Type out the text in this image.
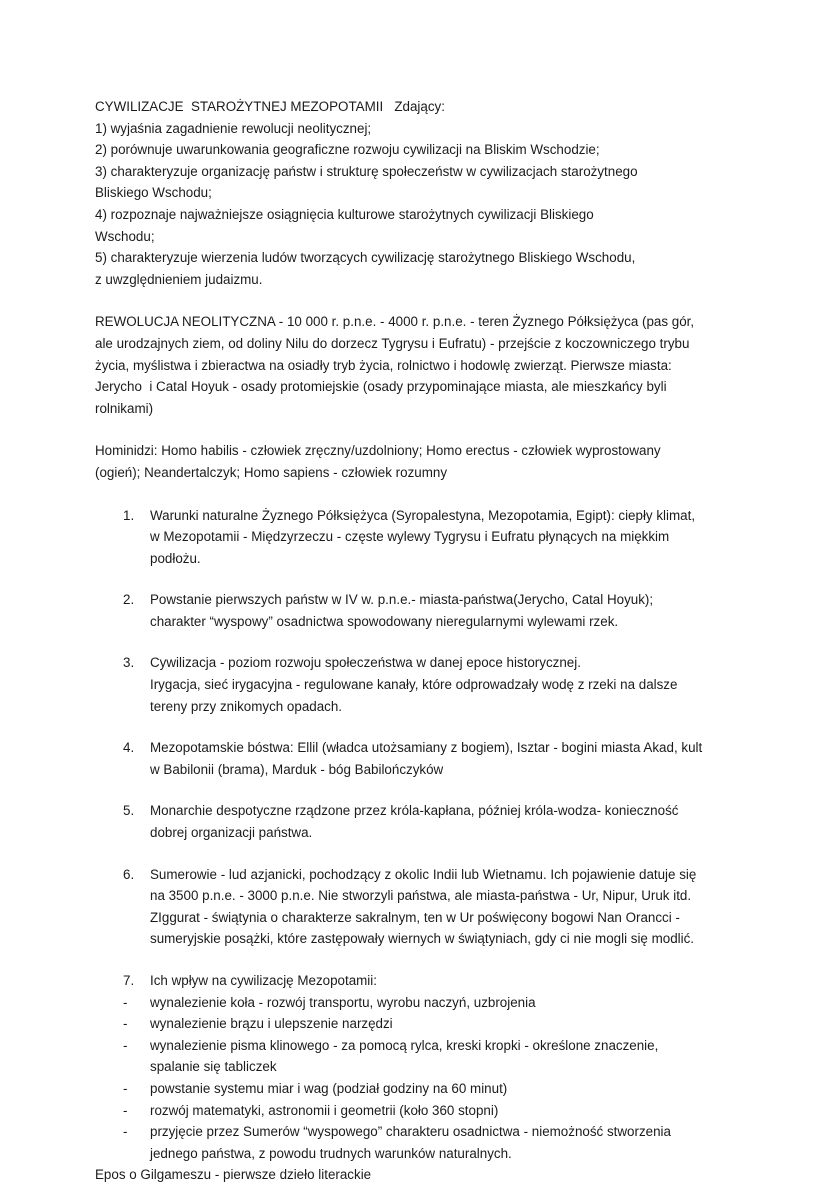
CYWILIZACJE  STAROŻYTNEJ MEZOPOTAMII   Zdający:
1) wyjaśnia zagadnienie rewolucji neolitycznej;
2) porównuje uwarunkowania geograficzne rozwoju cywilizacji na Bliskim Wschodzie;
3) charakteryzuje organizację państw i strukturę społeczeństw w cywilizacjach starożytnego
Bliskiego Wschodu;
4) rozpoznaje najważniejsze osiągnięcia kulturowe starożytnych cywilizacji Bliskiego
Wschodu;
5) charakteryzuje wierzenia ludów tworzących cywilizację starożytnego Bliskiego Wschodu,
z uwzględnieniem judaizmu.
REWOLUCJA NEOLITYCZNA - 10 000 r. p.n.e. - 4000 r. p.n.e. - teren Żyznego Półksiężyca (pas gór,
ale urodzajnych ziem, od doliny Nilu do dorzecz Tygrysu i Eufratu) - przejście z koczowniczego trybu
życia, myślistwa i zbieractwa na osiadły tryb życia, rolnictwo i hodowlę zwierząt. Pierwsze miasta:
Jerycho  i Catal Hoyuk - osady protomiejskie (osady przypominające miasta, ale mieszkańcy byli
rolnikami)
Hominidzi: Homo habilis - człowiek zręczny/uzdolniony; Homo erectus - człowiek wyprostowany
(ogień); Neandertalczyk; Homo sapiens - człowiek rozumny
1.	Warunki naturalne Żyznego Półksiężyca (Syropalestyna, Mezopotamia, Egipt): ciepły klimat,
w Mezopotamii - Międzyrzeczu - częste wylewy Tygrysu i Eufratu płynących na miękkim
podłożu.
2.	Powstanie pierwszych państw w IV w. p.n.e.- miasta-państwa(Jerycho, Catal Hoyuk);
charakter “wyspowy” osadnictwa spowodowany nieregularnymi wylewami rzek.
3.	Cywilizacja - poziom rozwoju społeczeństwa w danej epoce historycznej.
Irygacja, sieć irygacyjna - regulowane kanały, które odprowadzały wodę z rzeki na dalsze
tereny przy znikomych opadach.
4.	Mezopotamskie bóstwa: Ellil (władca utożsamiany z bogiem), Isztar - bogini miasta Akad, kult
w Babilonii (brama), Marduk - bóg Babilończyków
5.	Monarchie despotyczne rządzone przez króla-kapłana, później króla-wodza- konieczność
dobrej organizacji państwa.
6.	Sumerowie - lud azjanicki, pochodzący z okolic Indii lub Wietnamu. Ich pojawienie datuje się
na 3500 p.n.e. - 3000 p.n.e. Nie stworzyli państwa, ale miasta-państwa - Ur, Nipur, Uruk itd.
ZIggurat - świątynia o charakterze sakralnym, ten w Ur poświęcony bogowi Nan Orancci -
sumeryjskie posążki, które zastępowały wiernych w świątyniach, gdy ci nie mogli się modlić.
7.	Ich wpływ na cywilizację Mezopotamii:
-	wynalezienie koła - rozwój transportu, wyrobu naczyń, uzbrojenia
-	wynalezienie brązu i ulepszenie narzędzi
-	wynalezienie pisma klinowego - za pomocą rylca, kreski kropki - określone znaczenie,
spalanie się tabliczek
-	powstanie systemu miar i wag (podział godziny na 60 minut)
-	rozwój matematyki, astronomii i geometrii (koło 360 stopni)
-	przyjęcie przez Sumerów “wyspowego” charakteru osadnictwa - niemożność stworzenia
jednego państwa, z powodu trudnych warunków naturalnych.
Epos o Gilgameszu - pierwsze dzieło literackie
